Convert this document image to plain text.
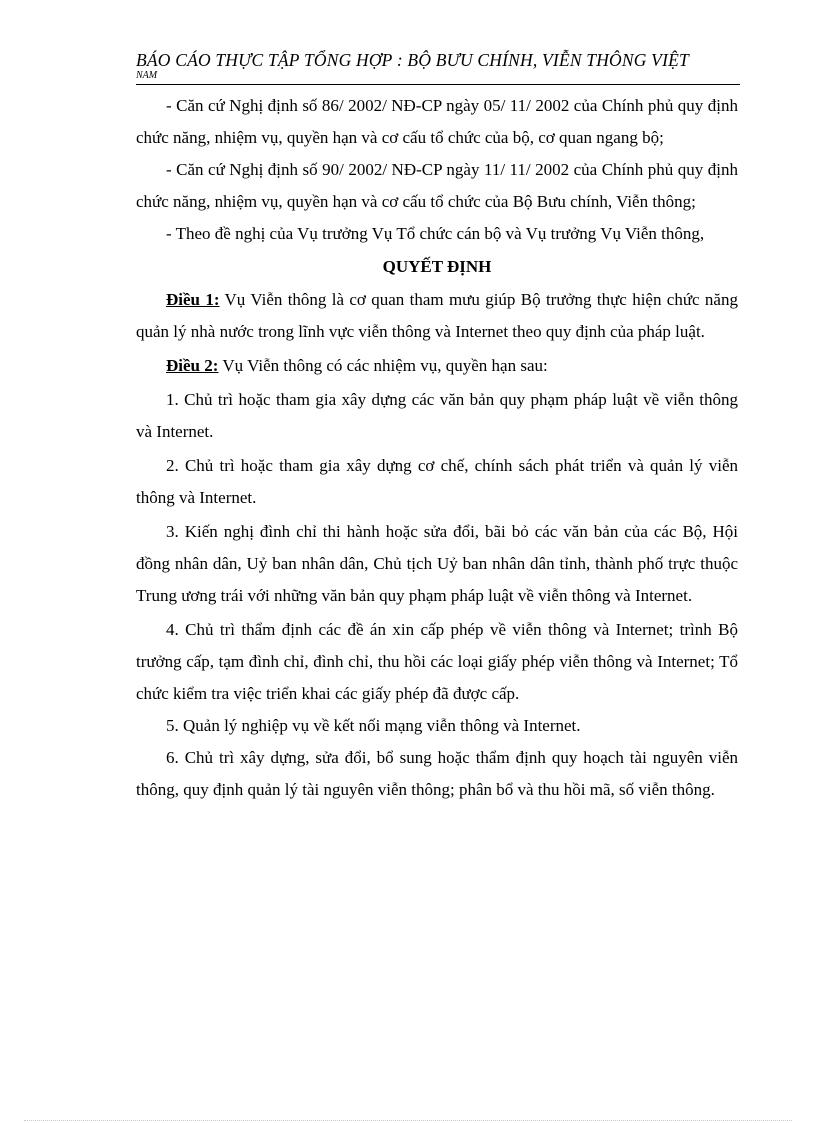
BÁO CÁO THỰC TẬP TỔNG HỢP : BỘ BƯU CHÍNH, VIỄN THÔNG VIỆT
NAM

- Căn cứ Nghị định số 86/ 2002/ NĐ-CP ngày 05/ 11/ 2002 của Chính phủ quy định chức năng, nhiệm vụ, quyền hạn và cơ cấu tổ chức của bộ, cơ quan ngang bộ;

- Căn cứ Nghị định số 90/ 2002/ NĐ-CP ngày 11/ 11/ 2002 của Chính phủ quy định chức năng, nhiệm vụ, quyền hạn và cơ cấu tổ chức của Bộ Bưu chính, Viễn thông;

- Theo đề nghị của Vụ trưởng Vụ Tổ chức cán bộ và Vụ trưởng Vụ Viễn thông,

QUYẾT ĐỊNH

Điều 1: Vụ Viễn thông là cơ quan tham mưu giúp Bộ trưởng thực hiện chức năng quản lý nhà nước trong lĩnh vực viễn thông và Internet theo quy định của pháp luật.

Điều 2: Vụ Viễn thông có các nhiệm vụ, quyền hạn sau:

1. Chủ trì hoặc tham gia xây dựng các văn bản quy phạm pháp luật về viễn thông và Internet.

2. Chủ trì hoặc tham gia xây dựng cơ chế, chính sách phát triển và quản lý viễn thông và Internet.

3. Kiến nghị đình chỉ thi hành hoặc sửa đổi, bãi bỏ các văn bản của các Bộ, Hội đồng nhân dân, Uỷ ban nhân dân, Chủ tịch Uỷ ban nhân dân tỉnh, thành phố trực thuộc Trung ương trái với những văn bản quy phạm pháp luật về viễn thông và Internet.

4. Chủ trì thẩm định các đề án xin cấp phép về viễn thông và Internet; trình Bộ trưởng cấp, tạm đình chỉ, đình chỉ, thu hồi các loại giấy phép viễn thông và Internet; Tổ chức kiểm tra việc triển khai các giấy phép đã được cấp.

5. Quản lý nghiệp vụ về kết nối mạng viễn thông và Internet.

6. Chủ trì xây dựng, sửa đổi, bổ sung hoặc thẩm định quy hoạch tài nguyên viễn thông, quy định quản lý tài nguyên viễn thông; phân bổ và thu hồi mã, số viễn thông.
